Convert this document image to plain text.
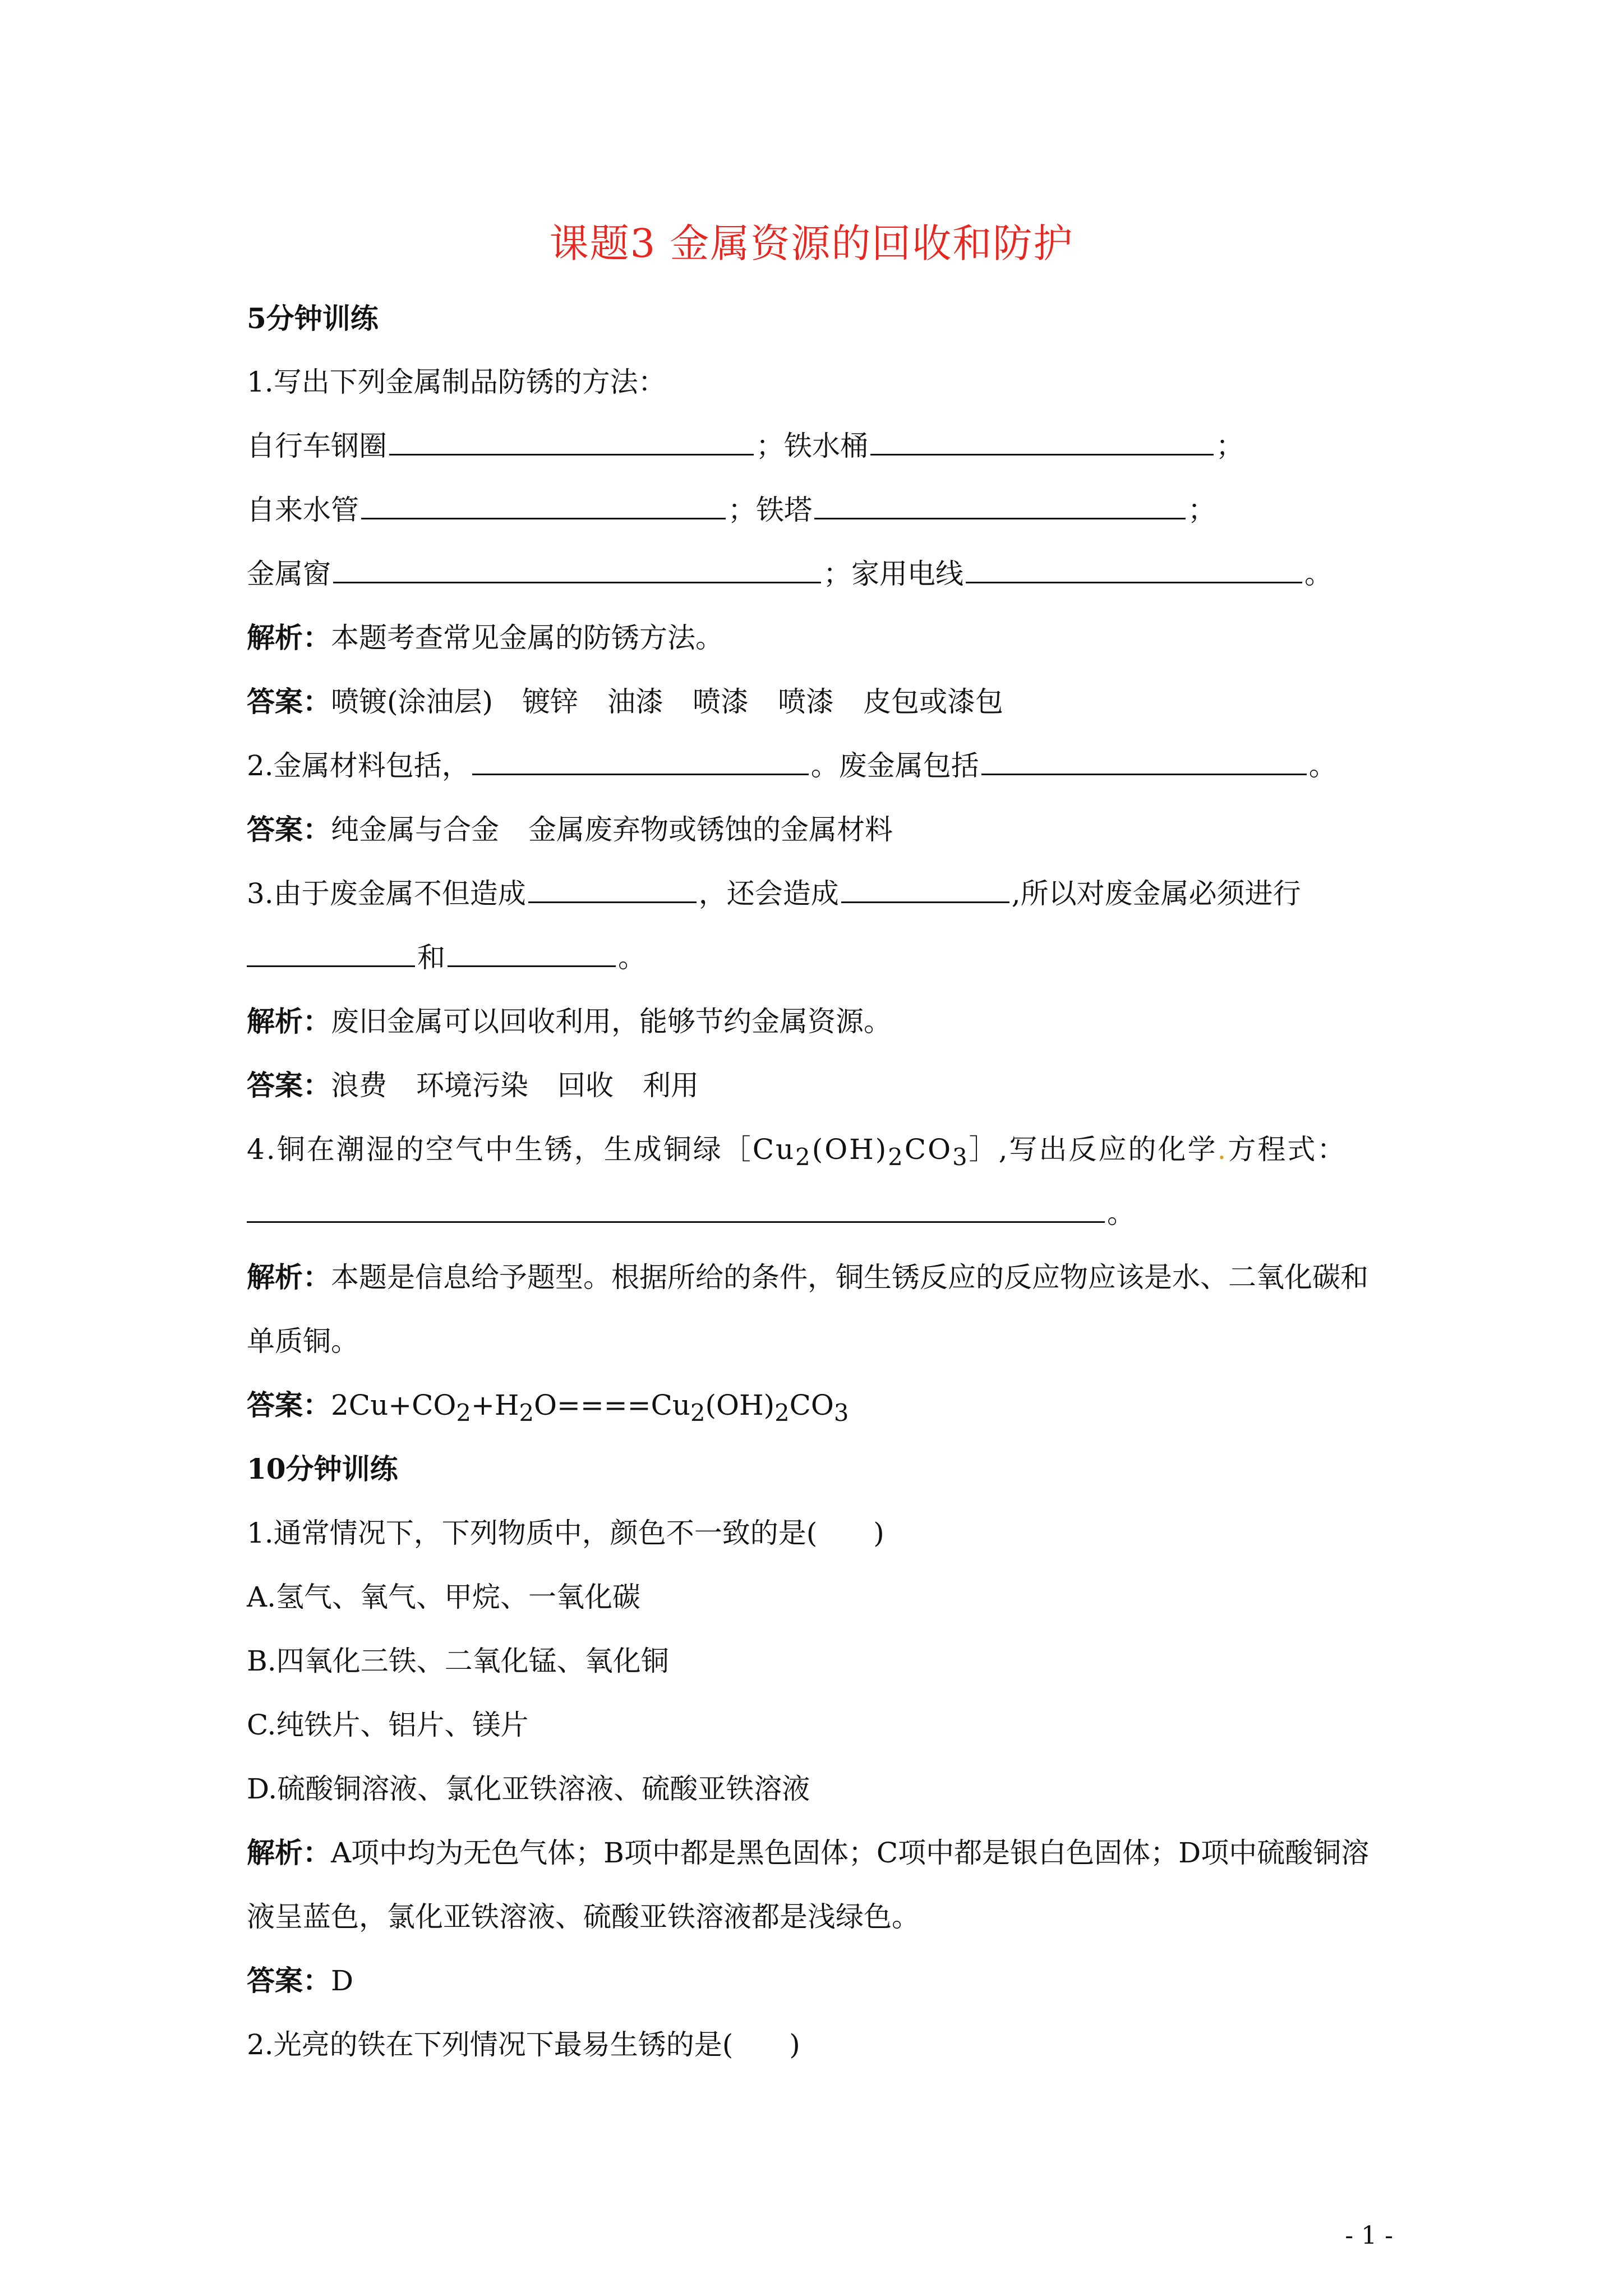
课题3 金属资源的回收和防护
5分钟训练
1.写出下列金属制品防锈的方法：
自行车钢圈	；铁水桶	；
自来水管	；铁塔	；
金属窗	；家用电线	。
解析：本题考查常见金属的防锈方法。
答案：喷镀(涂油层) 镀锌 油漆 喷漆 喷漆 皮包或漆包
2.金属材料包括，	。废金属包括	。
答案：纯金属与合金 金属废弃物或锈蚀的金属材料
3.由于废金属不但造成	，还会造成	,所以对废金属必须进行
和	。
解析：废旧金属可以回收利用，能够节约金属资源。
答案：浪费 环境污染 回收 利用
4.铜在潮湿的空气中生锈，生成铜绿$[Cu_2(OH)_2CO_3]$,写出反应的化学.方程式：
。
解析：本题是信息给予题型。根据所给的条件，铜生锈反应的反应物应该是水、二氧化碳和
单质铜。
答案：$2Cu+CO_2+H_2O====Cu_2(OH)_2CO_3$
10分钟训练
1.通常情况下，下列物质中，颜色不一致的是(　　)
A.氢气、氧气、甲烷、一氧化碳
B.四氧化三铁、二氧化锰、氧化铜
C.纯铁片、铝片、镁片
D.硫酸铜溶液、氯化亚铁溶液、硫酸亚铁溶液
解析：A项中均为无色气体；B项中都是黑色固体；C项中都是银白色固体；D项中硫酸铜溶
液呈蓝色，氯化亚铁溶液、硫酸亚铁溶液都是浅绿色。
答案：D
2.光亮的铁在下列情况下最易生锈的是(　　)
- 1 -
